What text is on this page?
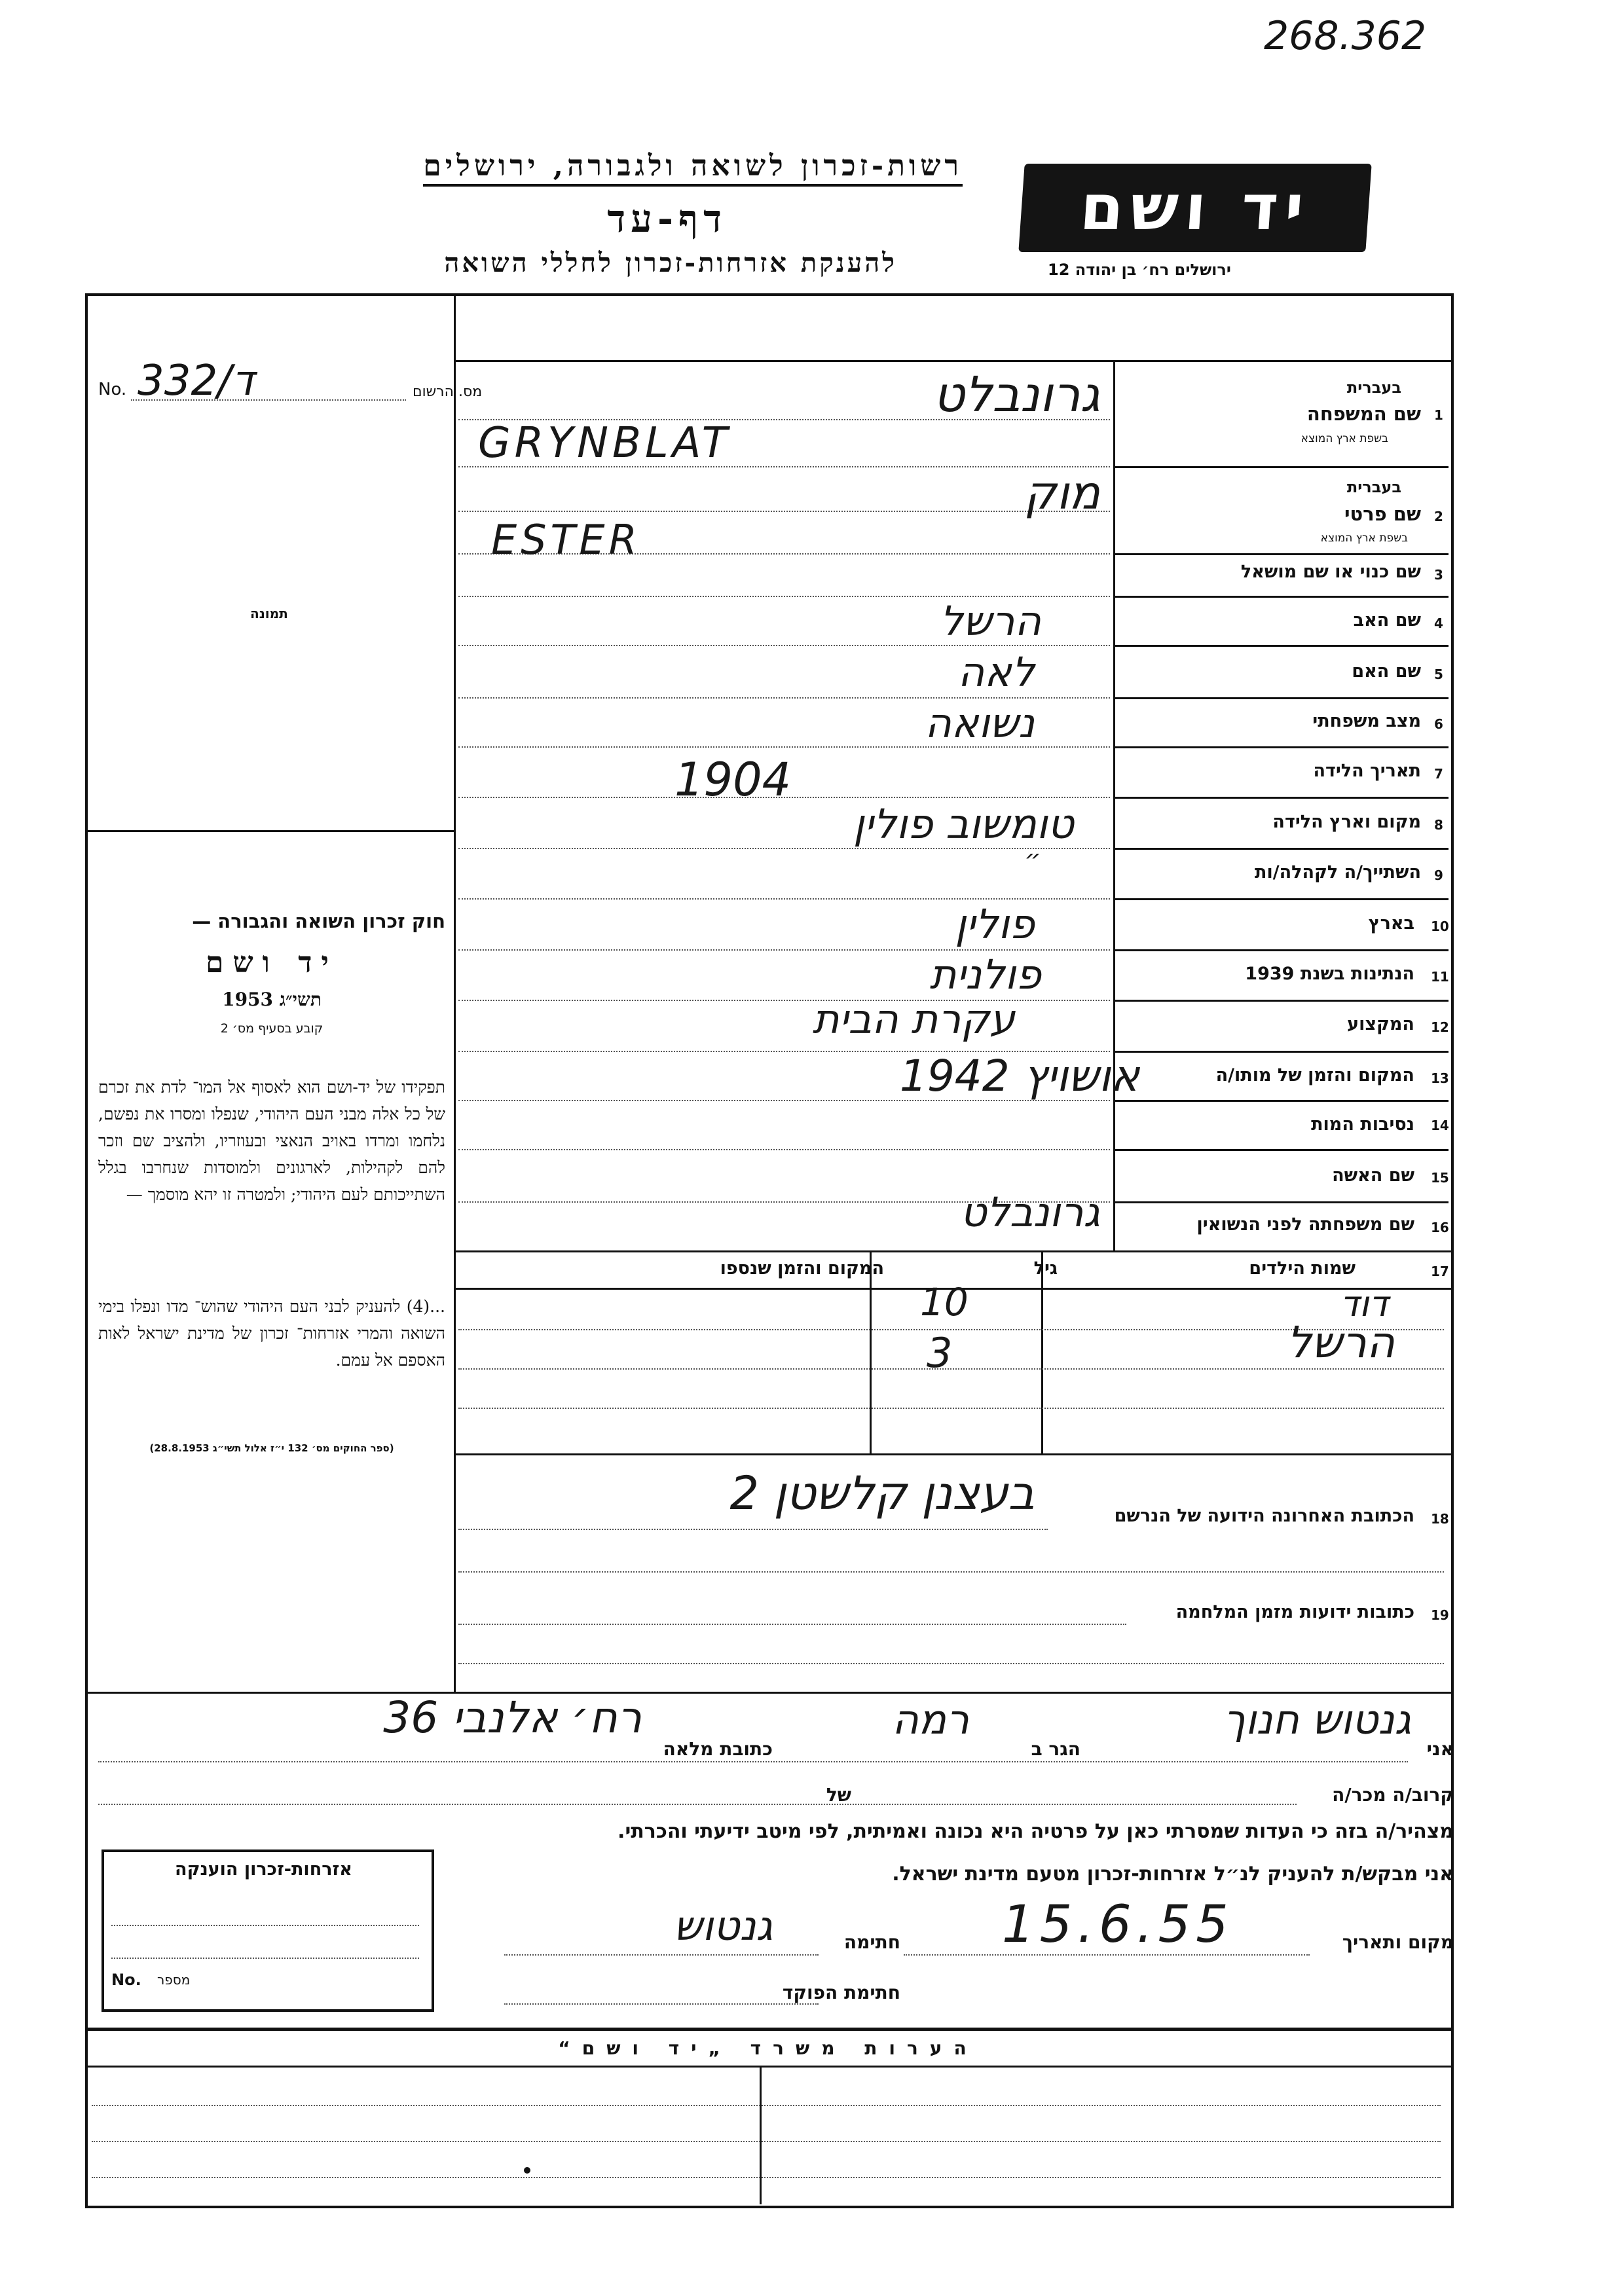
268.362
רשות-זכרון לשואה ולגבורה, ירושלים
דף-עד
להענקת אזרחות-זכרון לחללי השואה
יד ושם
ירושלים רח׳ בן יהודה 12
No. 332/ד	מס. הרשום
תמונה
חוק זכרון השואה והגבורה —
יד ושם
תשי״ג 1953
קובע בסעיף מס׳ 2
תפקידו של יד-ושם הוא לאסוף אל המו־ לדת את זכרם של כל אלה מבני העם היהודי, שנפלו ומסרו את נפשם, נלחמו ומרדו באויב הנאצי ובעוזריו, ולהציב שם וזכר להם לקהילות, לארגונים ולמוסדות שנחרבו בגלל השתייכותם לעם היהודי; ולמטרה זו יהא מוסמך —
...(4) להעניק לבני העם היהודי שהוש־ מדו ונפלו בימי השואה והמרי אזרחות־ זכרון של מדינת ישראל לאות האספם אל עמם.
(ספר החוקים מס׳ 132 י״ז אלול תשי״ג 28.8.1953)
1
שם המשפחה
בעברית
בשפת ארץ המוצא
גרונבלט
GRYNBLAT
2
שם פרטי
בעברית
בשפת ארץ המוצא
מוק
ESTER
3
שם כנוי או שם מושאל
4
שם האב
הרשל
5
שם האם
לאה
6
מצב משפחתי
נשואה
7
תאריך הלידה
1904
8
מקום וארץ הלידה
טומשוב פולין
9
השתייך/ה לקהלה/ות
״
10
בארץ
פולין
11
הנתינות בשנת 1939
פולנית
12
המקצוע
עקרת הבית
13
המקום והזמן של מותו/ה
אושויץ 1942
14
נסיבות המות
15
שם האשה
16
שם משפחתה לפני הנשואין
גרונבלט
17
שמות הילדים
גיל
המקום והזמן שנספו
דוד
הרשל
10
3
18
הכתובת האחרונה הידועה של הנרשם
בעצנן קלשטן 2
19
כתובות ידועות מזמן המלחמה
אני
גנטוש חנוך
הגר ב
רמה
כתובת מלאה
רח׳ אלנבי 36
קרוב/ה מכר/ה
של
מצהיר/ה בזה כי העדות שמסרתי כאן על פרטיה היא נכונה ואמיתית, לפי מיטב ידיעתי והכרתי.
אני מבקש/ת להעניק לנ״ל אזרחות-זכרון מטעם מדינת ישראל.
מקום ותאריך
15.6.55
חתימה
גנטוש
חתימת הפוקד
אזרחות-זכרון הוענקה
No. מספר
הערות משרד „יד ושם“
